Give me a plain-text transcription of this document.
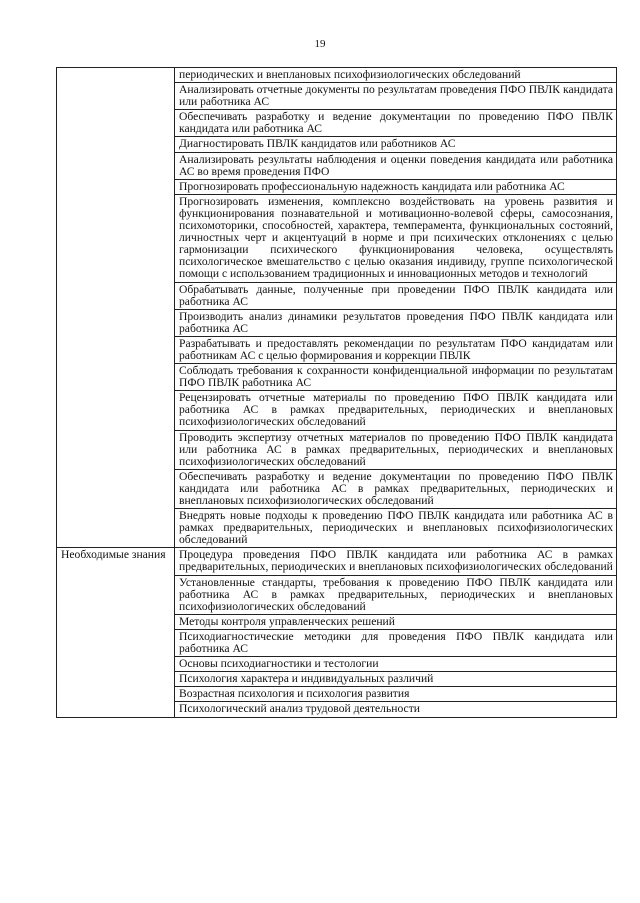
19
	периодических и внеплановых психофизиологических обследований
	Анализировать отчетные документы по результатам проведения ПФО ПВЛК кандидата или работника АС
	Обеспечивать разработку и ведение документации по проведению ПФО ПВЛК кандидата или работника АС
	Диагностировать ПВЛК кандидатов или работников АС
	Анализировать результаты наблюдения и оценки поведения кандидата или работника АС во время проведения ПФО
	Прогнозировать профессиональную надежность кандидата или работника АС
	Прогнозировать изменения, комплексно воздействовать на уровень развития и функционирования познавательной и мотивационно-волевой сферы, самосознания, психомоторики, способностей, характера, темперамента, функциональных состояний, личностных черт и акцентуаций в норме и при психических отклонениях с целью гармонизации психического функционирования человека, осуществлять психологическое вмешательство с целью оказания индивиду, группе психологической помощи с использованием традиционных и инновационных методов и технологий
	Обрабатывать данные, полученные при проведении ПФО ПВЛК кандидата или работника АС
	Производить анализ динамики результатов проведения ПФО ПВЛК кандидата или работника АС
	Разрабатывать и предоставлять рекомендации по результатам ПФО кандидатам или работникам АС с целью формирования и коррекции ПВЛК
	Соблюдать требования к сохранности конфиденциальной информации по результатам ПФО ПВЛК работника АС
	Рецензировать отчетные материалы по проведению ПФО ПВЛК кандидата или работника АС в рамках предварительных, периодических и внеплановых психофизиологических обследований
	Проводить экспертизу отчетных материалов по проведению ПФО ПВЛК кандидата или работника АС в рамках предварительных, периодических и внеплановых психофизиологических обследований
	Обеспечивать разработку и ведение документации по проведению ПФО ПВЛК кандидата или работника АС в рамках предварительных, периодических и внеплановых психофизиологических обследований
	Внедрять новые подходы к проведению ПФО ПВЛК кандидата или работника АС в рамках предварительных, периодических и внеплановых психофизиологических обследований
Необходимые знания	Процедура проведения ПФО ПВЛК кандидата или работника АС в рамках предварительных, периодических и внеплановых психофизиологических обследований
	Установленные стандарты, требования к проведению ПФО ПВЛК кандидата или работника АС в рамках предварительных, периодических и внеплановых психофизиологических обследований
	Методы контроля управленческих решений
	Психодиагностические методики для проведения ПФО ПВЛК кандидата или работника АС
	Основы психодиагностики и тестологии
	Психология характера и индивидуальных различий
	Возрастная психология и психология развития
	Психологический анализ трудовой деятельности
